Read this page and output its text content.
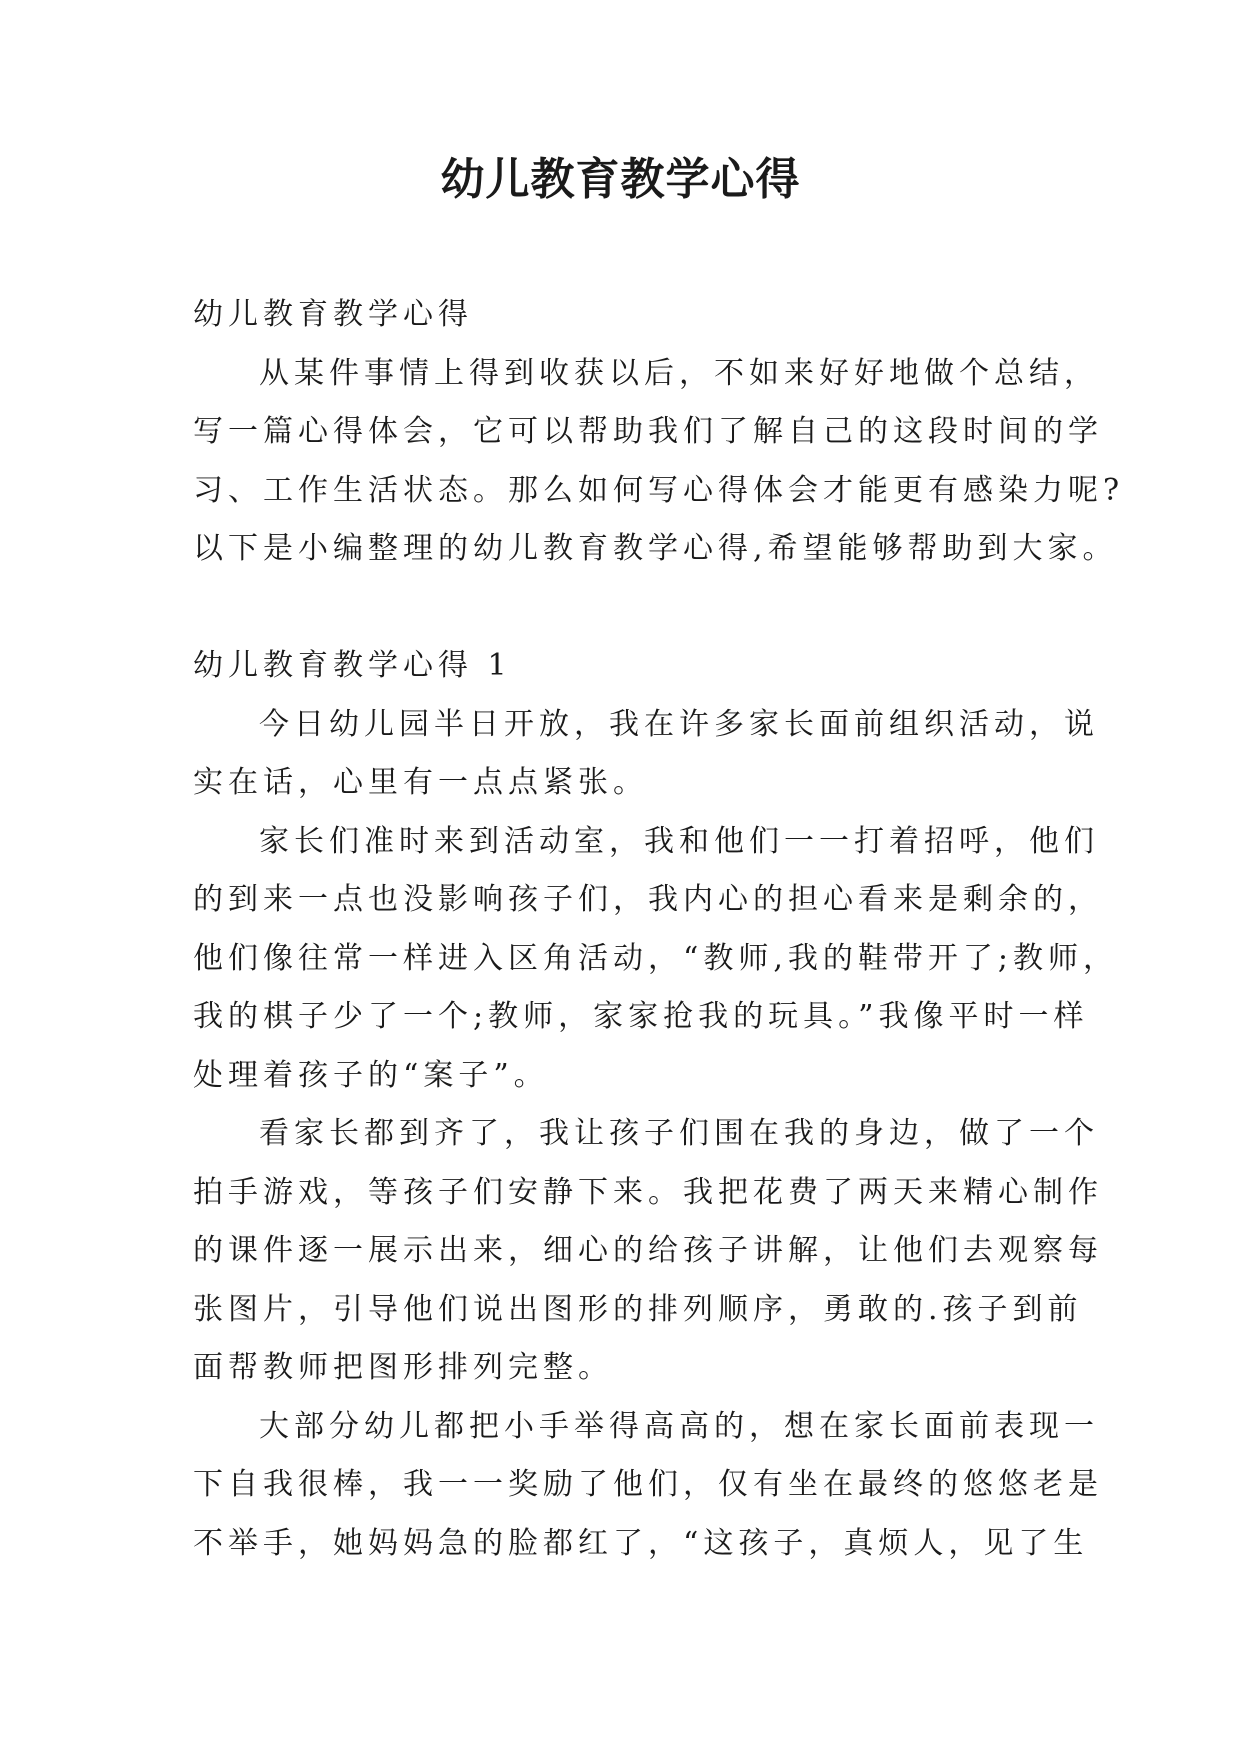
幼儿教育教学心得
幼儿教育教学心得
从某件事情上得到收获以后，不如来好好地做个总结，
写一篇心得体会，它可以帮助我们了解自己的这段时间的学
习、工作生活状态。那么如何写心得体会才能更有感染力呢?
以下是小编整理的幼儿教育教学心得,希望能够帮助到大家。
幼儿教育教学心得 1
今日幼儿园半日开放，我在许多家长面前组织活动，说
实在话，心里有一点点紧张。
家长们准时来到活动室，我和他们一一打着招呼，他们
的到来一点也没影响孩子们，我内心的担心看来是剩余的，
他们像往常一样进入区角活动，“教师,我的鞋带开了;教师，
我的棋子少了一个;教师，家家抢我的玩具。”我像平时一样
处理着孩子的“案子”。
看家长都到齐了，我让孩子们围在我的身边，做了一个
拍手游戏，等孩子们安静下来。我把花费了两天来精心制作
的课件逐一展示出来，细心的给孩子讲解，让他们去观察每
张图片，引导他们说出图形的排列顺序，勇敢的.孩子到前
面帮教师把图形排列完整。
大部分幼儿都把小手举得高高的，想在家长面前表现一
下自我很棒，我一一奖励了他们，仅有坐在最终的悠悠老是
不举手，她妈妈急的脸都红了，“这孩子，真烦人，见了生
